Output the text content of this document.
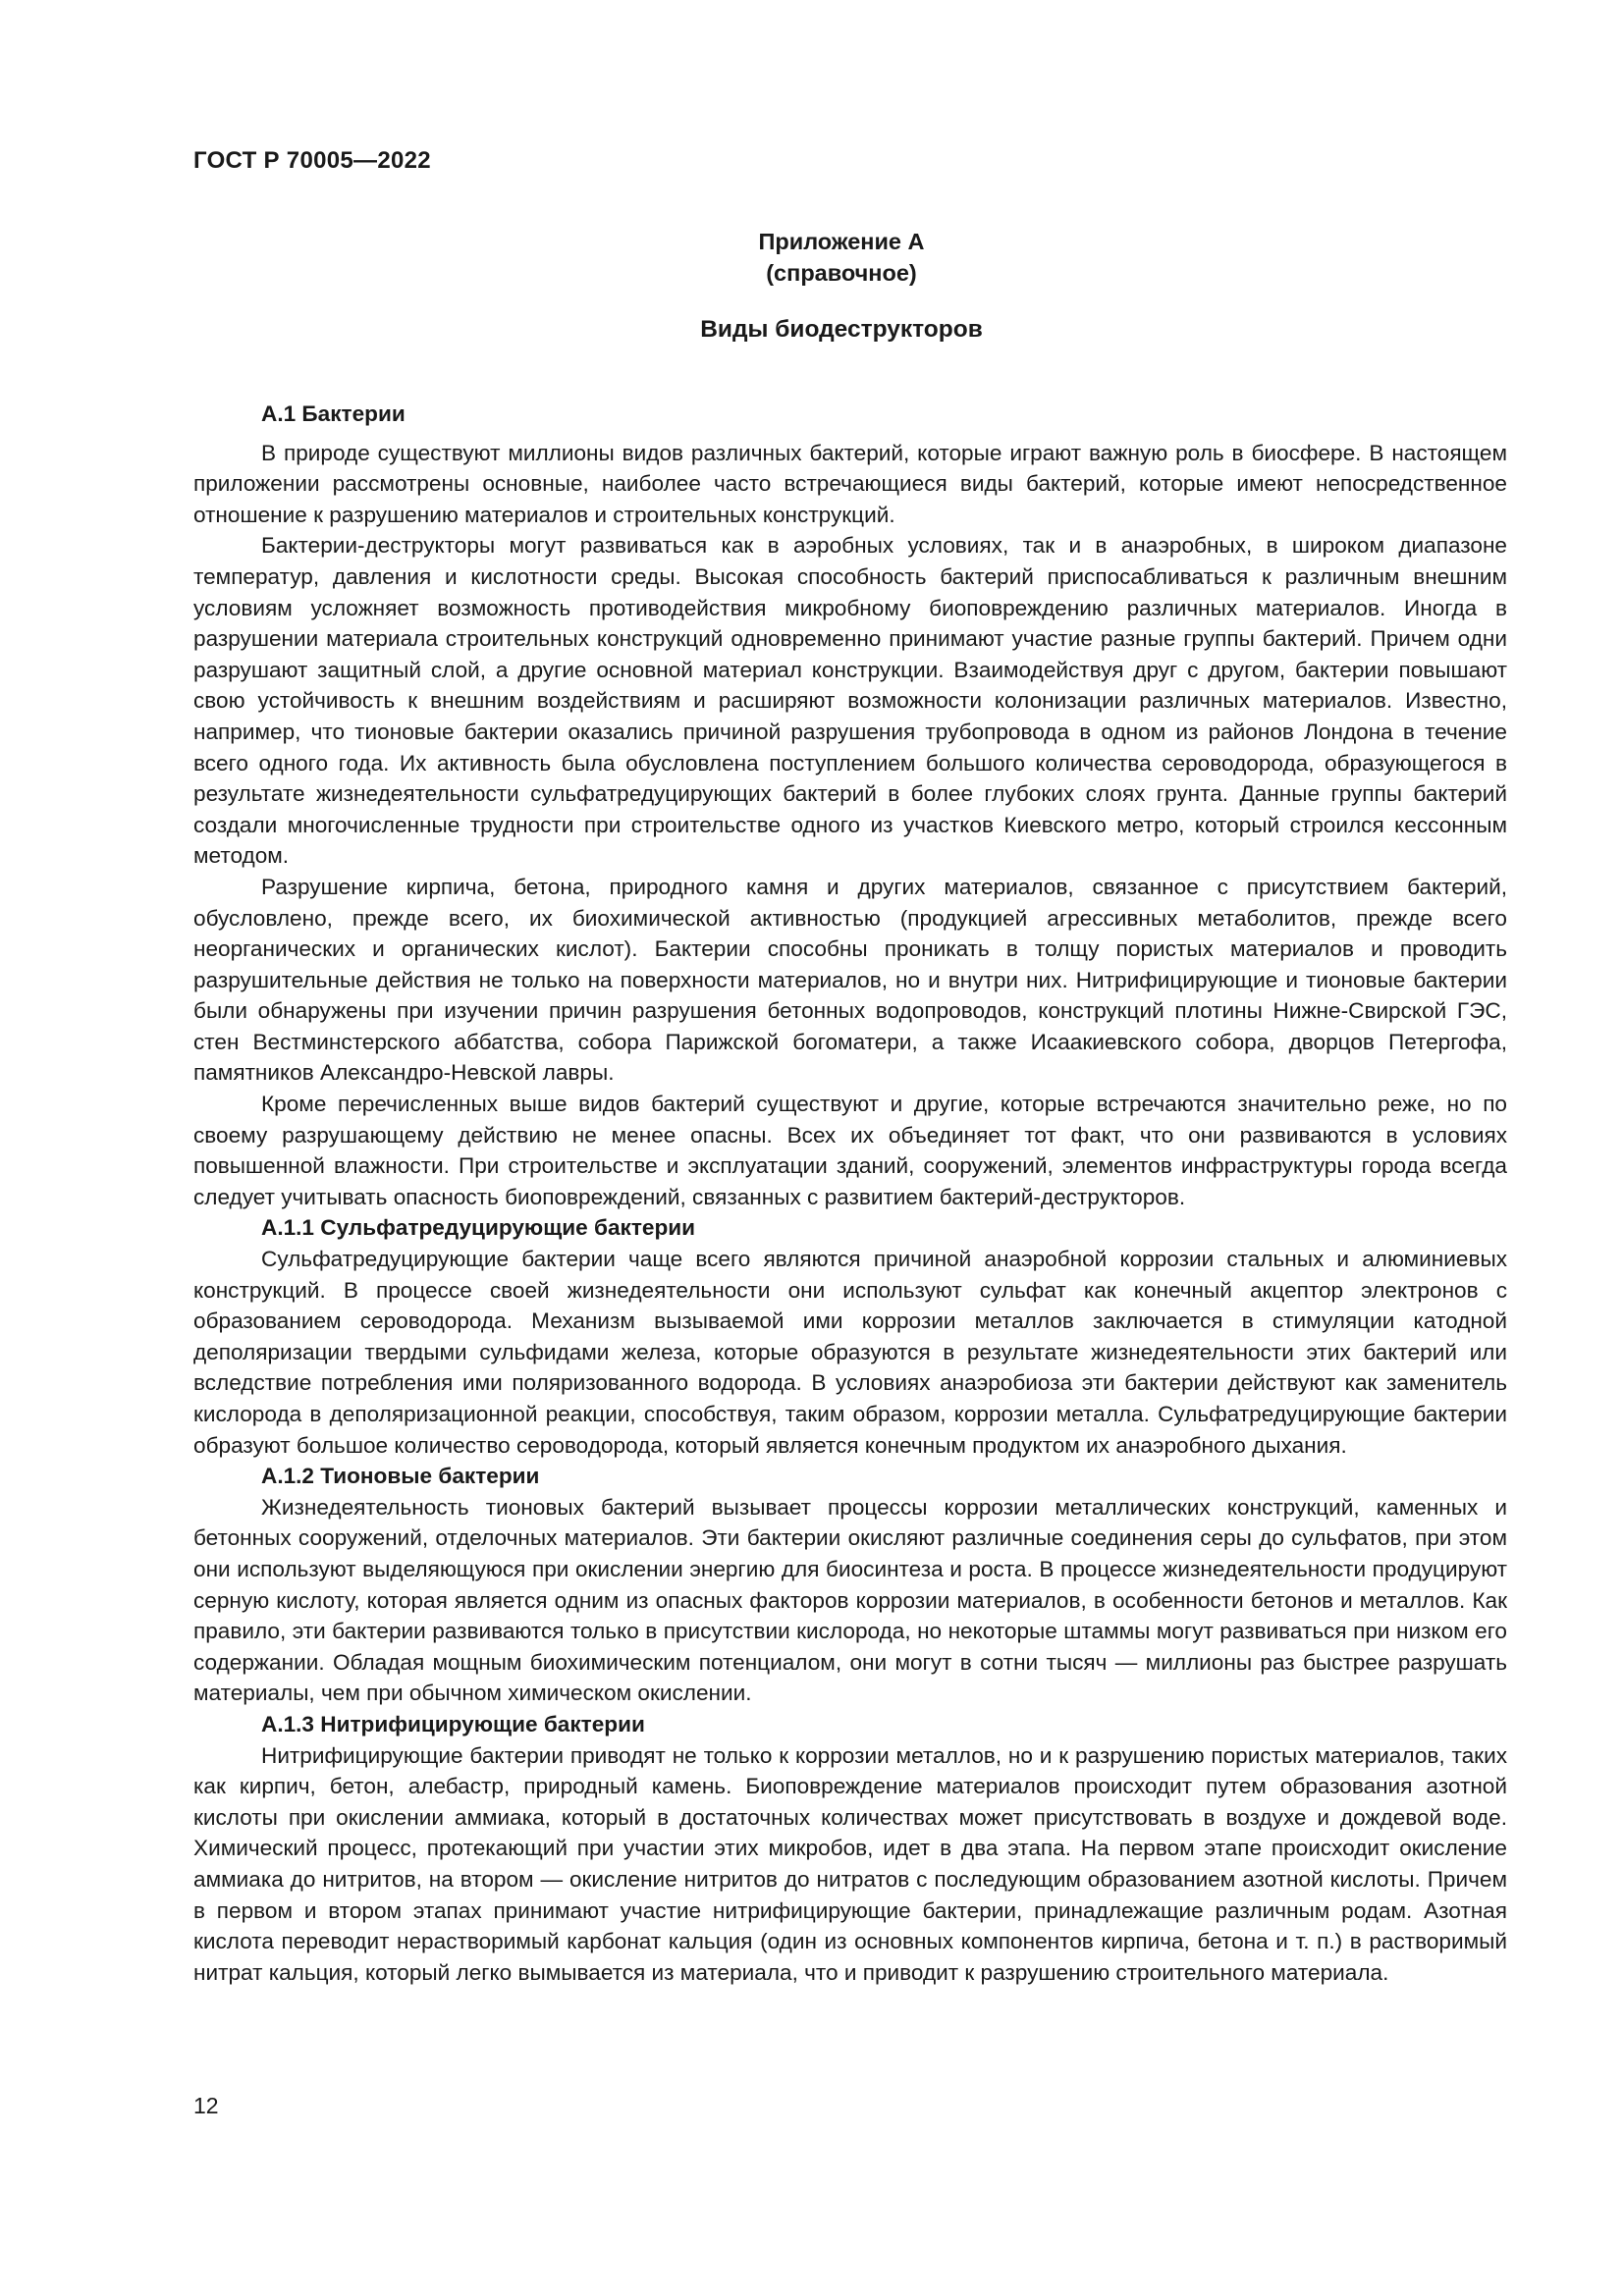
ГОСТ Р 70005—2022
Приложение А
(справочное)
Виды биодеструкторов
А.1 Бактерии

В природе существуют миллионы видов различных бактерий, которые играют важную роль в биосфере. В настоящем приложении рассмотрены основные, наиболее часто встречающиеся виды бактерий, которые имеют непосредственное отношение к разрушению материалов и строительных конструкций.

Бактерии-деструкторы могут развиваться как в аэробных условиях, так и в анаэробных, в широком диапазоне температур, давления и кислотности среды. Высокая способность бактерий приспосабливаться к различным внешним условиям усложняет возможность противодействия микробному биоповреждению различных материалов. Иногда в разрушении материала строительных конструкций одновременно принимают участие разные группы бактерий. Причем одни разрушают защитный слой, а другие основной материал конструкции. Взаимодействуя друг с другом, бактерии повышают свою устойчивость к внешним воздействиям и расширяют возможности колонизации различных материалов. Известно, например, что тионовые бактерии оказались причиной разрушения трубопровода в одном из районов Лондона в течение всего одного года. Их активность была обусловлена поступлением большого количества сероводорода, образующегося в результате жизнедеятельности сульфатредуцирующих бактерий в более глубоких слоях грунта. Данные группы бактерий создали многочисленные трудности при строительстве одного из участков Киевского метро, который строился кессонным методом.

Разрушение кирпича, бетона, природного камня и других материалов, связанное с присутствием бактерий, обусловлено, прежде всего, их биохимической активностью (продукцией агрессивных метаболитов, прежде всего неорганических и органических кислот). Бактерии способны проникать в толщу пористых материалов и проводить разрушительные действия не только на поверхности материалов, но и внутри них. Нитрифицирующие и тионовые бактерии были обнаружены при изучении причин разрушения бетонных водопроводов, конструкций плотины Нижне-Свирской ГЭС, стен Вестминстерского аббатства, собора Парижской богоматери, а также Исаакиевского собора, дворцов Петергофа, памятников Александро-Невской лавры.

Кроме перечисленных выше видов бактерий существуют и другие, которые встречаются значительно реже, но по своему разрушающему действию не менее опасны. Всех их объединяет тот факт, что они развиваются в условиях повышенной влажности. При строительстве и эксплуатации зданий, сооружений, элементов инфраструктуры города всегда следует учитывать опасность биоповреждений, связанных с развитием бактерий-деструкторов.

А.1.1 Сульфатредуцирующие бактерии

Сульфатредуцирующие бактерии чаще всего являются причиной анаэробной коррозии стальных и алюминиевых конструкций. В процессе своей жизнедеятельности они используют сульфат как конечный акцептор электронов с образованием сероводорода. Механизм вызываемой ими коррозии металлов заключается в стимуляции катодной деполяризации твердыми сульфидами железа, которые образуются в результате жизнедеятельности этих бактерий или вследствие потребления ими поляризованного водорода. В условиях анаэробиоза эти бактерии действуют как заменитель кислорода в деполяризационной реакции, способствуя, таким образом, коррозии металла. Сульфатредуцирующие бактерии образуют большое количество сероводорода, который является конечным продуктом их анаэробного дыхания.

А.1.2 Тионовые бактерии

Жизнедеятельность тионовых бактерий вызывает процессы коррозии металлических конструкций, каменных и бетонных сооружений, отделочных материалов. Эти бактерии окисляют различные соединения серы до сульфатов, при этом они используют выделяющуюся при окислении энергию для биосинтеза и роста. В процессе жизнедеятельности продуцируют серную кислоту, которая является одним из опасных факторов коррозии материалов, в особенности бетонов и металлов. Как правило, эти бактерии развиваются только в присутствии кислорода, но некоторые штаммы могут развиваться при низком его содержании. Обладая мощным биохимическим потенциалом, они могут в сотни тысяч — миллионы раз быстрее разрушать материалы, чем при обычном химическом окислении.

А.1.3 Нитрифицирующие бактерии

Нитрифицирующие бактерии приводят не только к коррозии металлов, но и к разрушению пористых материалов, таких как кирпич, бетон, алебастр, природный камень. Биоповреждение материалов происходит путем образования азотной кислоты при окислении аммиака, который в достаточных количествах может присутствовать в воздухе и дождевой воде. Химический процесс, протекающий при участии этих микробов, идет в два этапа. На первом этапе происходит окисление аммиака до нитритов, на втором — окисление нитритов до нитратов с последующим образованием азотной кислоты. Причем в первом и втором этапах принимают участие нитрифицирующие бактерии, принадлежащие различным родам. Азотная кислота переводит нерастворимый карбонат кальция (один из основных компонентов кирпича, бетона и т. п.) в растворимый нитрат кальция, который легко вымывается из материала, что и приводит к разрушению строительного материала.

12
